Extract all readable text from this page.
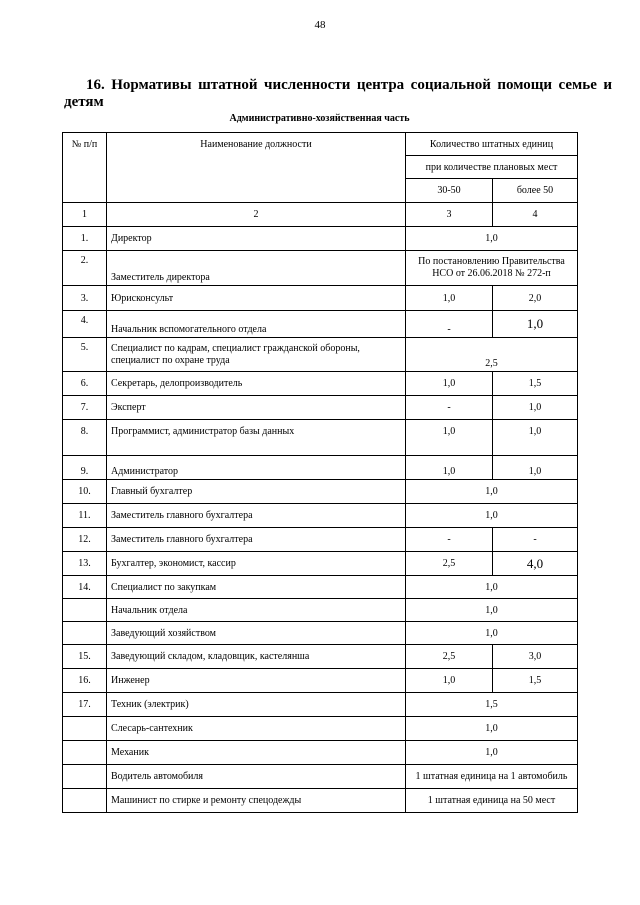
48
16. Нормативы штатной численности центра социальной помощи семье и детям
Административно-хозяйственная часть
№ п/п	Наименование должности	Количество штатных единиц	
		при количестве плановых мест	
		30-50	более 50
1	2	3	4
1.	Директор	1,0	
2.	Заместитель директора	По постановлению Правительства НСО от 26.06.2018 № 272-п	
3.	Юрисконсульт	1,0	2,0
4.	Начальник вспомогательного отдела	-	1,0
5.	Специалист по кадрам, специалист гражданской обороны, специалист по охране труда	2,5	
6.	Секретарь, делопроизводитель	1,0	1,5
7.	Эксперт	-	1,0
8.	Программист, администратор базы данных	1,0	1,0
9.	Администратор	1,0	1,0
10.	Главный бухгалтер	1,0	
11.	Заместитель главного бухгалтера	1,0	
12.	Заместитель главного бухгалтера	-	-
13.	Бухгалтер, экономист, кассир	2,5	4,0
14.	Специалист по закупкам	1,0	
	Начальник отдела	1,0	
	Заведующий хозяйством	1,0	
15.	Заведующий складом, кладовщик, кастелянша	2,5	3,0
16.	Инженер	1,0	1,5
17.	Техник (электрик)	1,5	
	Слесарь-сантехник	1,0	
	Механик	1,0	
	Водитель автомобиля	1 штатная единица на 1 автомобиль	
	Машинист по стирке и ремонту спецодежды	1 штатная единица на 50 мест	
